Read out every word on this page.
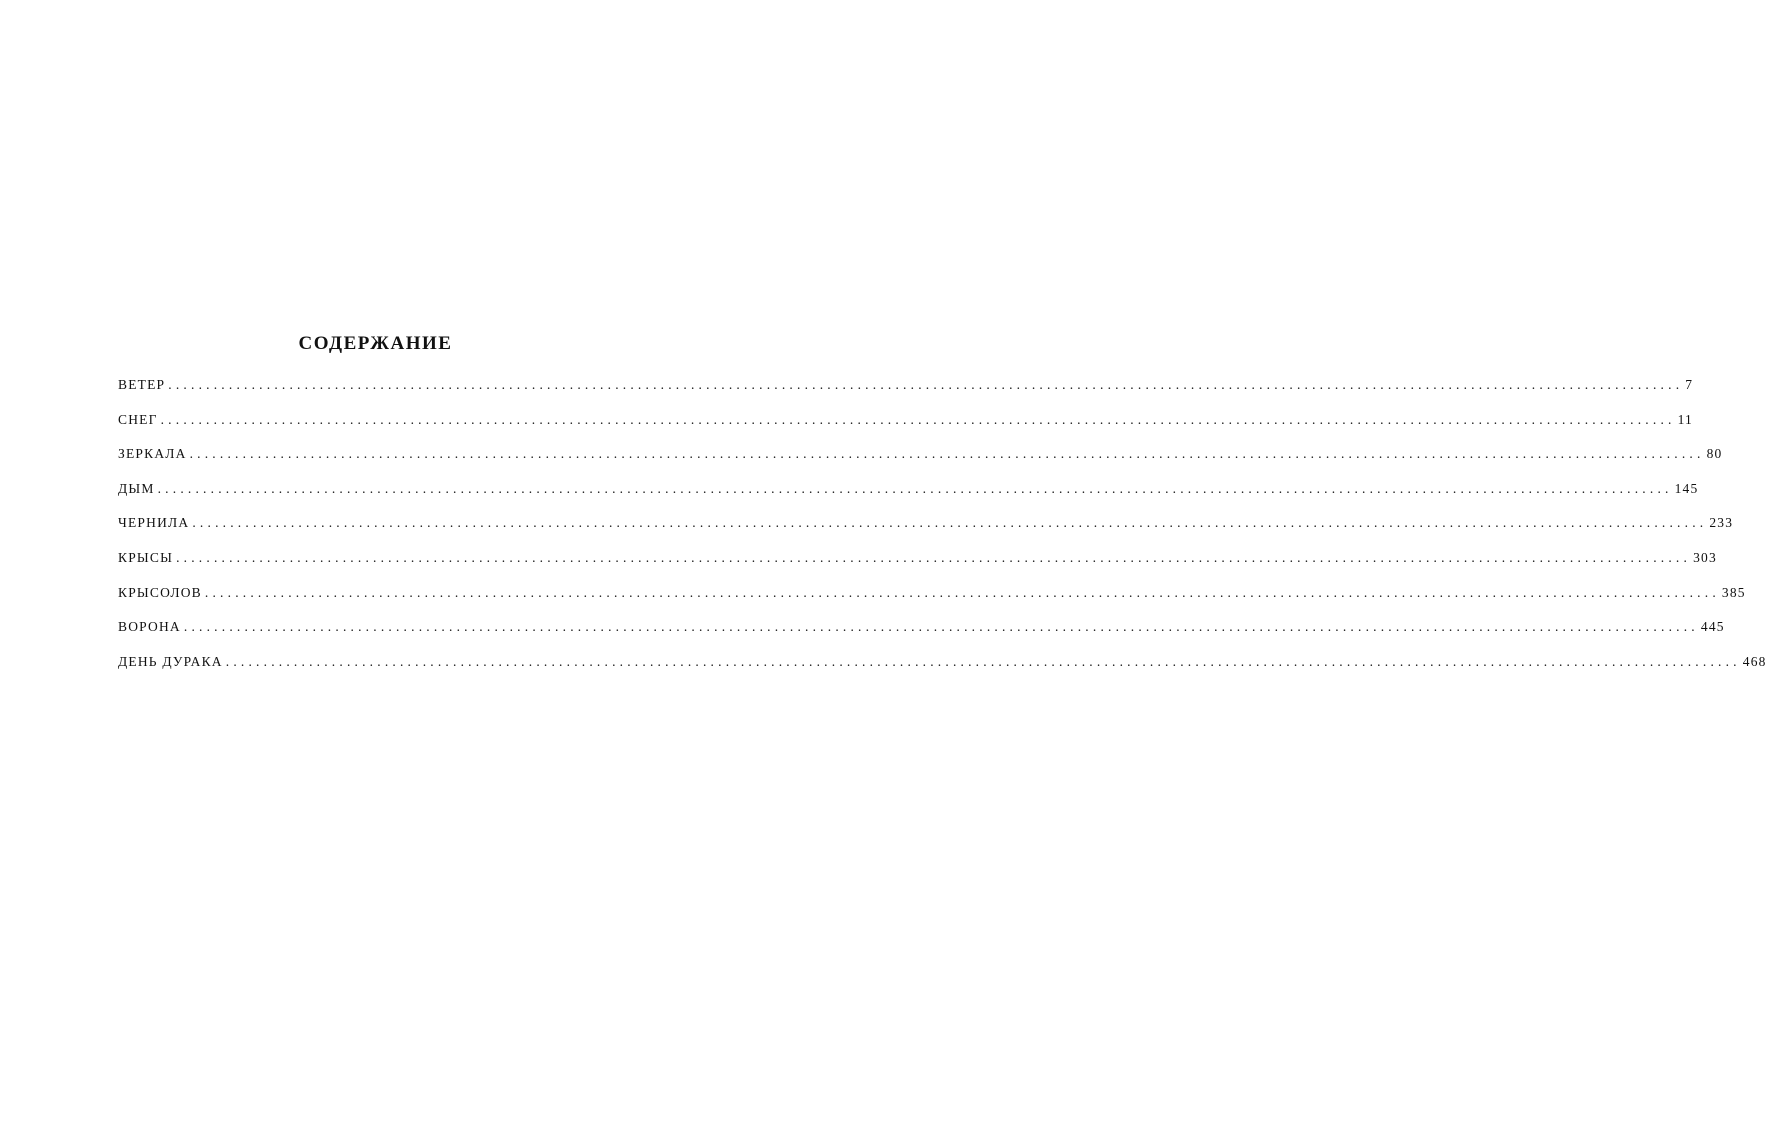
СОДЕРЖАНИЕ
ВЕТЕР ........................................................................................................................................................................................................ 7
СНЕГ ........................................................................................................................................................................................................ 11
ЗЕРКАЛА ........................................................................................................................................................................................................ 80
ДЫМ ........................................................................................................................................................................................................ 145
ЧЕРНИЛА ........................................................................................................................................................................................................ 233
КРЫСЫ ........................................................................................................................................................................................................ 303
КРЫСОЛОВ ........................................................................................................................................................................................................ 385
ВОРОНА ........................................................................................................................................................................................................ 445
ДЕНЬ ДУРАКА ........................................................................................................................................................................................................ 468
